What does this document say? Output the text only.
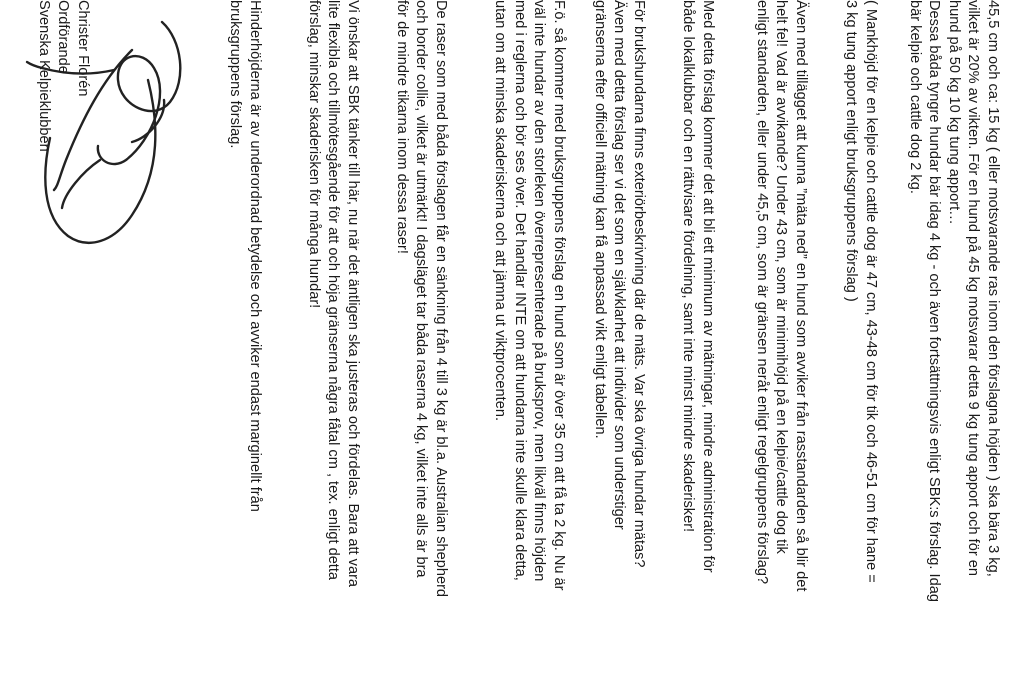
45,5 cm och ca: 15 kg ( eller motsvarande ras inom den förslagna höjden ) ska bära 3 kg,
vilket är 20% av vikten. För en hund på 45 kg motsvarar detta 9 kg tung apport och för en
hund på 50 kg 10 kg tung apport…
Dessa båda tyngre hundar bär idag 4 kg - och även fortsättningsvis enligt SBK:s förslag. Idag
bär kelpie och cattle dog 2 kg.
( Mankhöjd för en kelpie och cattle dog är 47 cm, 43-48 cm för tik och 46-51 cm för hane =
3 kg tung apport enligt bruksgruppens förslag )
Även med tillägget att kunna ”mäta ned” en hund som avviker från rasstandarden så blir det
helt fel! Vad är avvikande? Under 43 cm, som är minimihöjd på en kelpie/cattle dog tik
enligt standarden, eller under 45,5 cm, som är gränsen neråt enligt regelgruppens förslag?
Med detta förslag kommer det att bli ett minimum av mätningar, mindre administration för
både lokalklubbar och en rättvisare fördelning, samt inte minst mindre skaderisker!
För brukshundarna finns exteriörbeskrivning där de mäts. Var ska övriga hundar mätas?
Även med detta förslag ser vi det som en självklarhet att individer som understiger
gränserna efter officiell mätning kan få anpassad vikt enligt tabellen.
F.ö. så kommer med bruksgruppens förslag en hund som är över 35 cm att få ta 2 kg. Nu är
väl inte hundar av den storleken överrepresenterade på bruksprov, men likväl finns höjden
med i reglerna och bör ses över. Det handlar INTE om att hundarna inte skulle klara detta,
utan om att minska skaderiskerna och att jämna ut viktprocenten.
De raser som med båda förslagen får en sänkning från 4 till 3 kg är bl.a. Australian shepherd
och border collie, vilket är utmärkt! I dagsläget tar båda raserna 4 kg, vilket inte alls är bra
för de mindre tikarna inom dessa raser!
Vi önskar att SBK tänker till här, nu när det äntligen ska justeras och fördelas. Bara att vara
lite flexibla och tillmötesgående för att och höja gränserna några fåtal cm , tex. enligt detta
förslag, minskar skaderisken för många hundar!
Hinderhöjderna är av underordnad betydelse och avviker endast marginellt från
bruksgruppens förslag.
Christer Florén
Ordförande
Svenska Kelpieklubben
